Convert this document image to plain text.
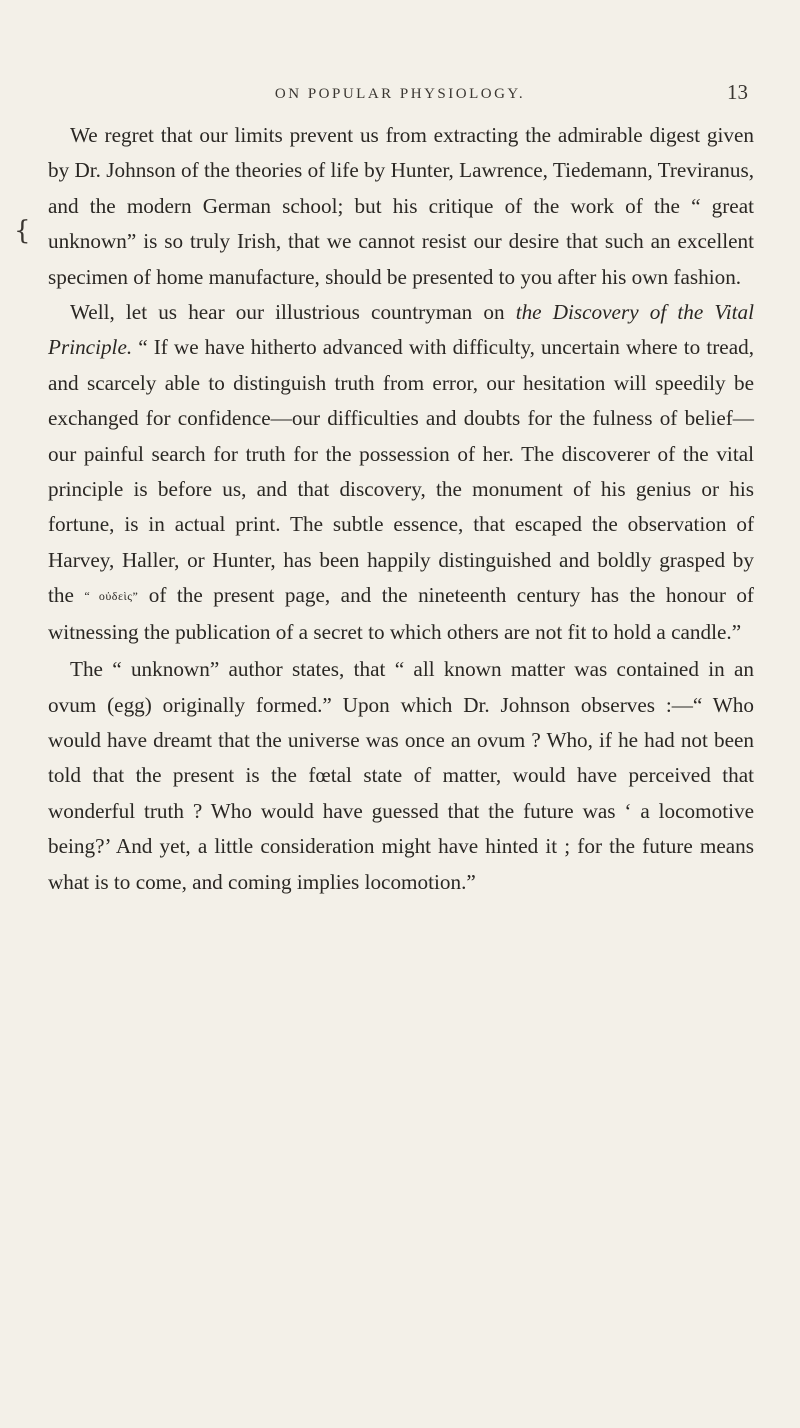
ON POPULAR PHYSIOLOGY.	13
{

We regret that our limits prevent us from extracting the admirable digest given by Dr. Johnson of the theories of life by Hunter, Lawrence, Tiedemann, Treviranus, and the modern German school; but his critique of the work of the “ great unknown” is so truly Irish, that we cannot resist our desire that such an excellent specimen of home manufacture, should be presented to you after his own fashion.

Well, let us hear our illustrious countryman on the Discovery of the Vital Principle. “ If we have hitherto advanced with difficulty, uncertain where to tread, and scarcely able to distinguish truth from error, our hesitation will speedily be exchanged for confidence—our difficulties and doubts for the fulness of belief—our painful search for truth for the possession of her. The discoverer of the vital principle is before us, and that discovery, the monument of his genius or his fortune, is in actual print. The subtle essence, that escaped the observation of Harvey, Haller, or Hunter, has been happily distinguished and boldly grasped by the “ οὐδεὶς” of the present page, and the nineteenth century has the honour of witnessing the publication of a secret to which others are not fit to hold a candle.”

The “ unknown” author states, that “ all known matter was contained in an ovum (egg) originally formed.” Upon which Dr. Johnson observes :—“ Who would have dreamt that the universe was once an ovum ? Who, if he had not been told that the present is the fœtal state of matter, would have perceived that wonderful truth ? Who would have guessed that the future was ‘ a locomotive being?’ And yet, a little consideration might have hinted it ; for the future means what is to come, and coming implies locomotion.”
